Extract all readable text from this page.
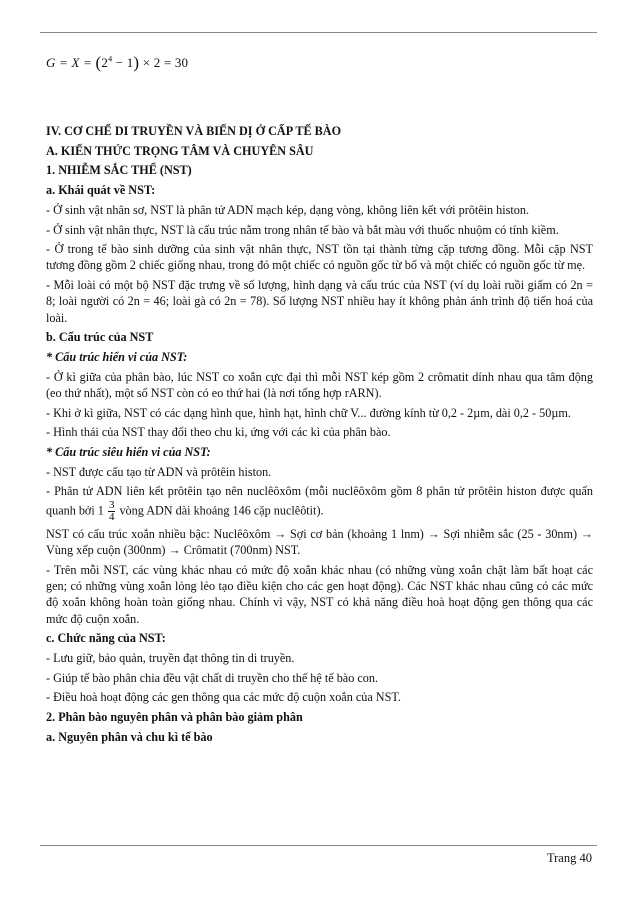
$G = X = (2^4 - 1) \times 2 = 30$

IV. CƠ CHẾ DI TRUYỀN VÀ BIẾN DỊ Ở CẤP TẾ BÀO

A. KIẾN THỨC TRỌNG TÂM VÀ CHUYÊN SÂU

1. NHIỄM SẮC THỂ (NST)

a. Khái quát về NST:

- Ở sinh vật nhân sơ, NST là phân tử ADN mạch kép, dạng vòng, không liên kết với prôtêin histon.

- Ở sinh vật nhân thực, NST là cấu trúc nằm trong nhân tế bào và bắt màu với thuốc nhuộm có tính kiềm.

- Ở trong tế bào sinh dưỡng của sinh vật nhân thực, NST tồn tại thành từng cặp tương đồng. Mỗi cặp NST tương đồng gồm 2 chiếc giống nhau, trong đó một chiếc có nguồn gốc từ bố và một chiếc có nguồn gốc từ mẹ.

- Mỗi loài có một bộ NST đặc trưng về số lượng, hình dạng và cấu trúc của NST (ví dụ loài ruồi giấm có 2n = 8; loài người có 2n = 46; loài gà có 2n = 78). Số lượng NST nhiều hay ít không phản ánh trình độ tiến hoá của loài.

b. Cấu trúc của NST

* Cấu trúc hiển vi của NST:

- Ở kì giữa của phân bào, lúc NST co xoắn cực đại thì mỗi NST kép gồm 2 crômatit dính nhau qua tâm động (eo thứ nhất), một số NST còn có eo thứ hai (là nơi tổng hợp rARN).

- Khi ở kì giữa, NST có các dạng hình que, hình hạt, hình chữ V... đường kính từ 0,2 - 2µm, dài 0,2 - 50µm.

- Hình thái của NST thay đổi theo chu kì, ứng với các kì của phân bào.

* Cấu trúc siêu hiển vi của NST:

- NST được cấu tạo từ ADN và prôtêin histon.

- Phân tử ADN liên kết prôtêin tạo nên nuclêôxôm (mỗi nuclêôxôm gồm 8 phân tử prôtêin histon được quấn quanh bởi $1 \frac{3}{4}$ vòng ADN dài khoảng 146 cặp nuclêôtit).

NST có cấu trúc xoắn nhiều bậc: Nuclêôxôm → Sợi cơ bản (khoảng 1 lnm) → Sợi nhiễm sắc (25 - 30nm) → Vùng xếp cuộn (300nm) → Crômatit (700nm) NST.

- Trên mỗi NST, các vùng khác nhau có mức độ xoắn khác nhau (có những vùng xoắn chặt làm bất hoạt các gen; có những vùng xoắn lỏng lẻo tạo điều kiện cho các gen hoạt động). Các NST khác nhau cũng có các mức độ xoắn không hoàn toàn giống nhau. Chính vì vậy, NST có khả năng điều hoà hoạt động gen thông qua các mức độ cuộn xoắn.

c. Chức năng của NST:

- Lưu giữ, bảo quản, truyền đạt thông tin di truyền.

- Giúp tế bào phân chia đều vật chất di truyền cho thế hệ tế bào con.

- Điều hoà hoạt động các gen thông qua các mức độ cuộn xoắn của NST.

2. Phân bào nguyên phân và phân bào giảm phân

a. Nguyên phân và chu kì tế bào

Trang 40
